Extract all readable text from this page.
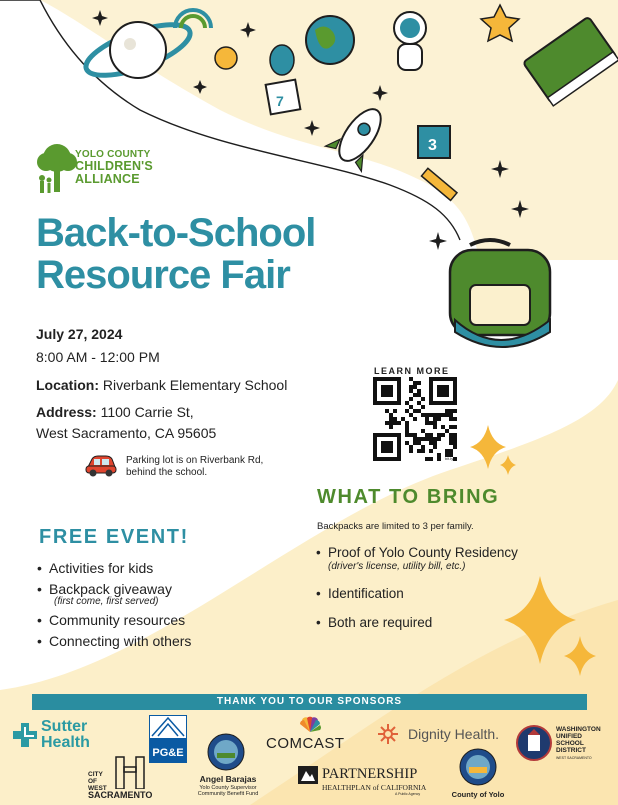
7
3
YOLO COUNTY
CHILDREN'S
ALLIANCE
Back-to-School
Resource Fair
July 27, 2024
8:00 AM - 12:00 PM
Location: Riverbank Elementary School
Address: 1100 Carrie St,
West Sacramento, CA 95605
Parking lot is on Riverbank Rd,
behind the school.
LEARN MORE
bit.ly
WHAT TO BRING
Backpacks are limited to 3 per family.
• Proof of Yolo County Residency
(driver's license, utility bill, etc.)
• Identification
• Both are required
FREE EVENT!
• Activities for kids
• Backpack giveaway
(first come, first served)
• Community resources
• Connecting with others
THANK YOU TO OUR SPONSORS
Sutter
Health
PG&E
Angel Barajas
Yolo County Supervisor
Community Benefit Fund
COMCAST
Dignity Health.	WASHINGTON
UNIFIED
SCHOOL
DISTRICT
WEST SACRAMENTO
CITY
OF
WEST
SACRAMENTO
PARTNERSHIP
HEALTHPLAN of CALIFORNIA
A Public Agency	County of Yolo
